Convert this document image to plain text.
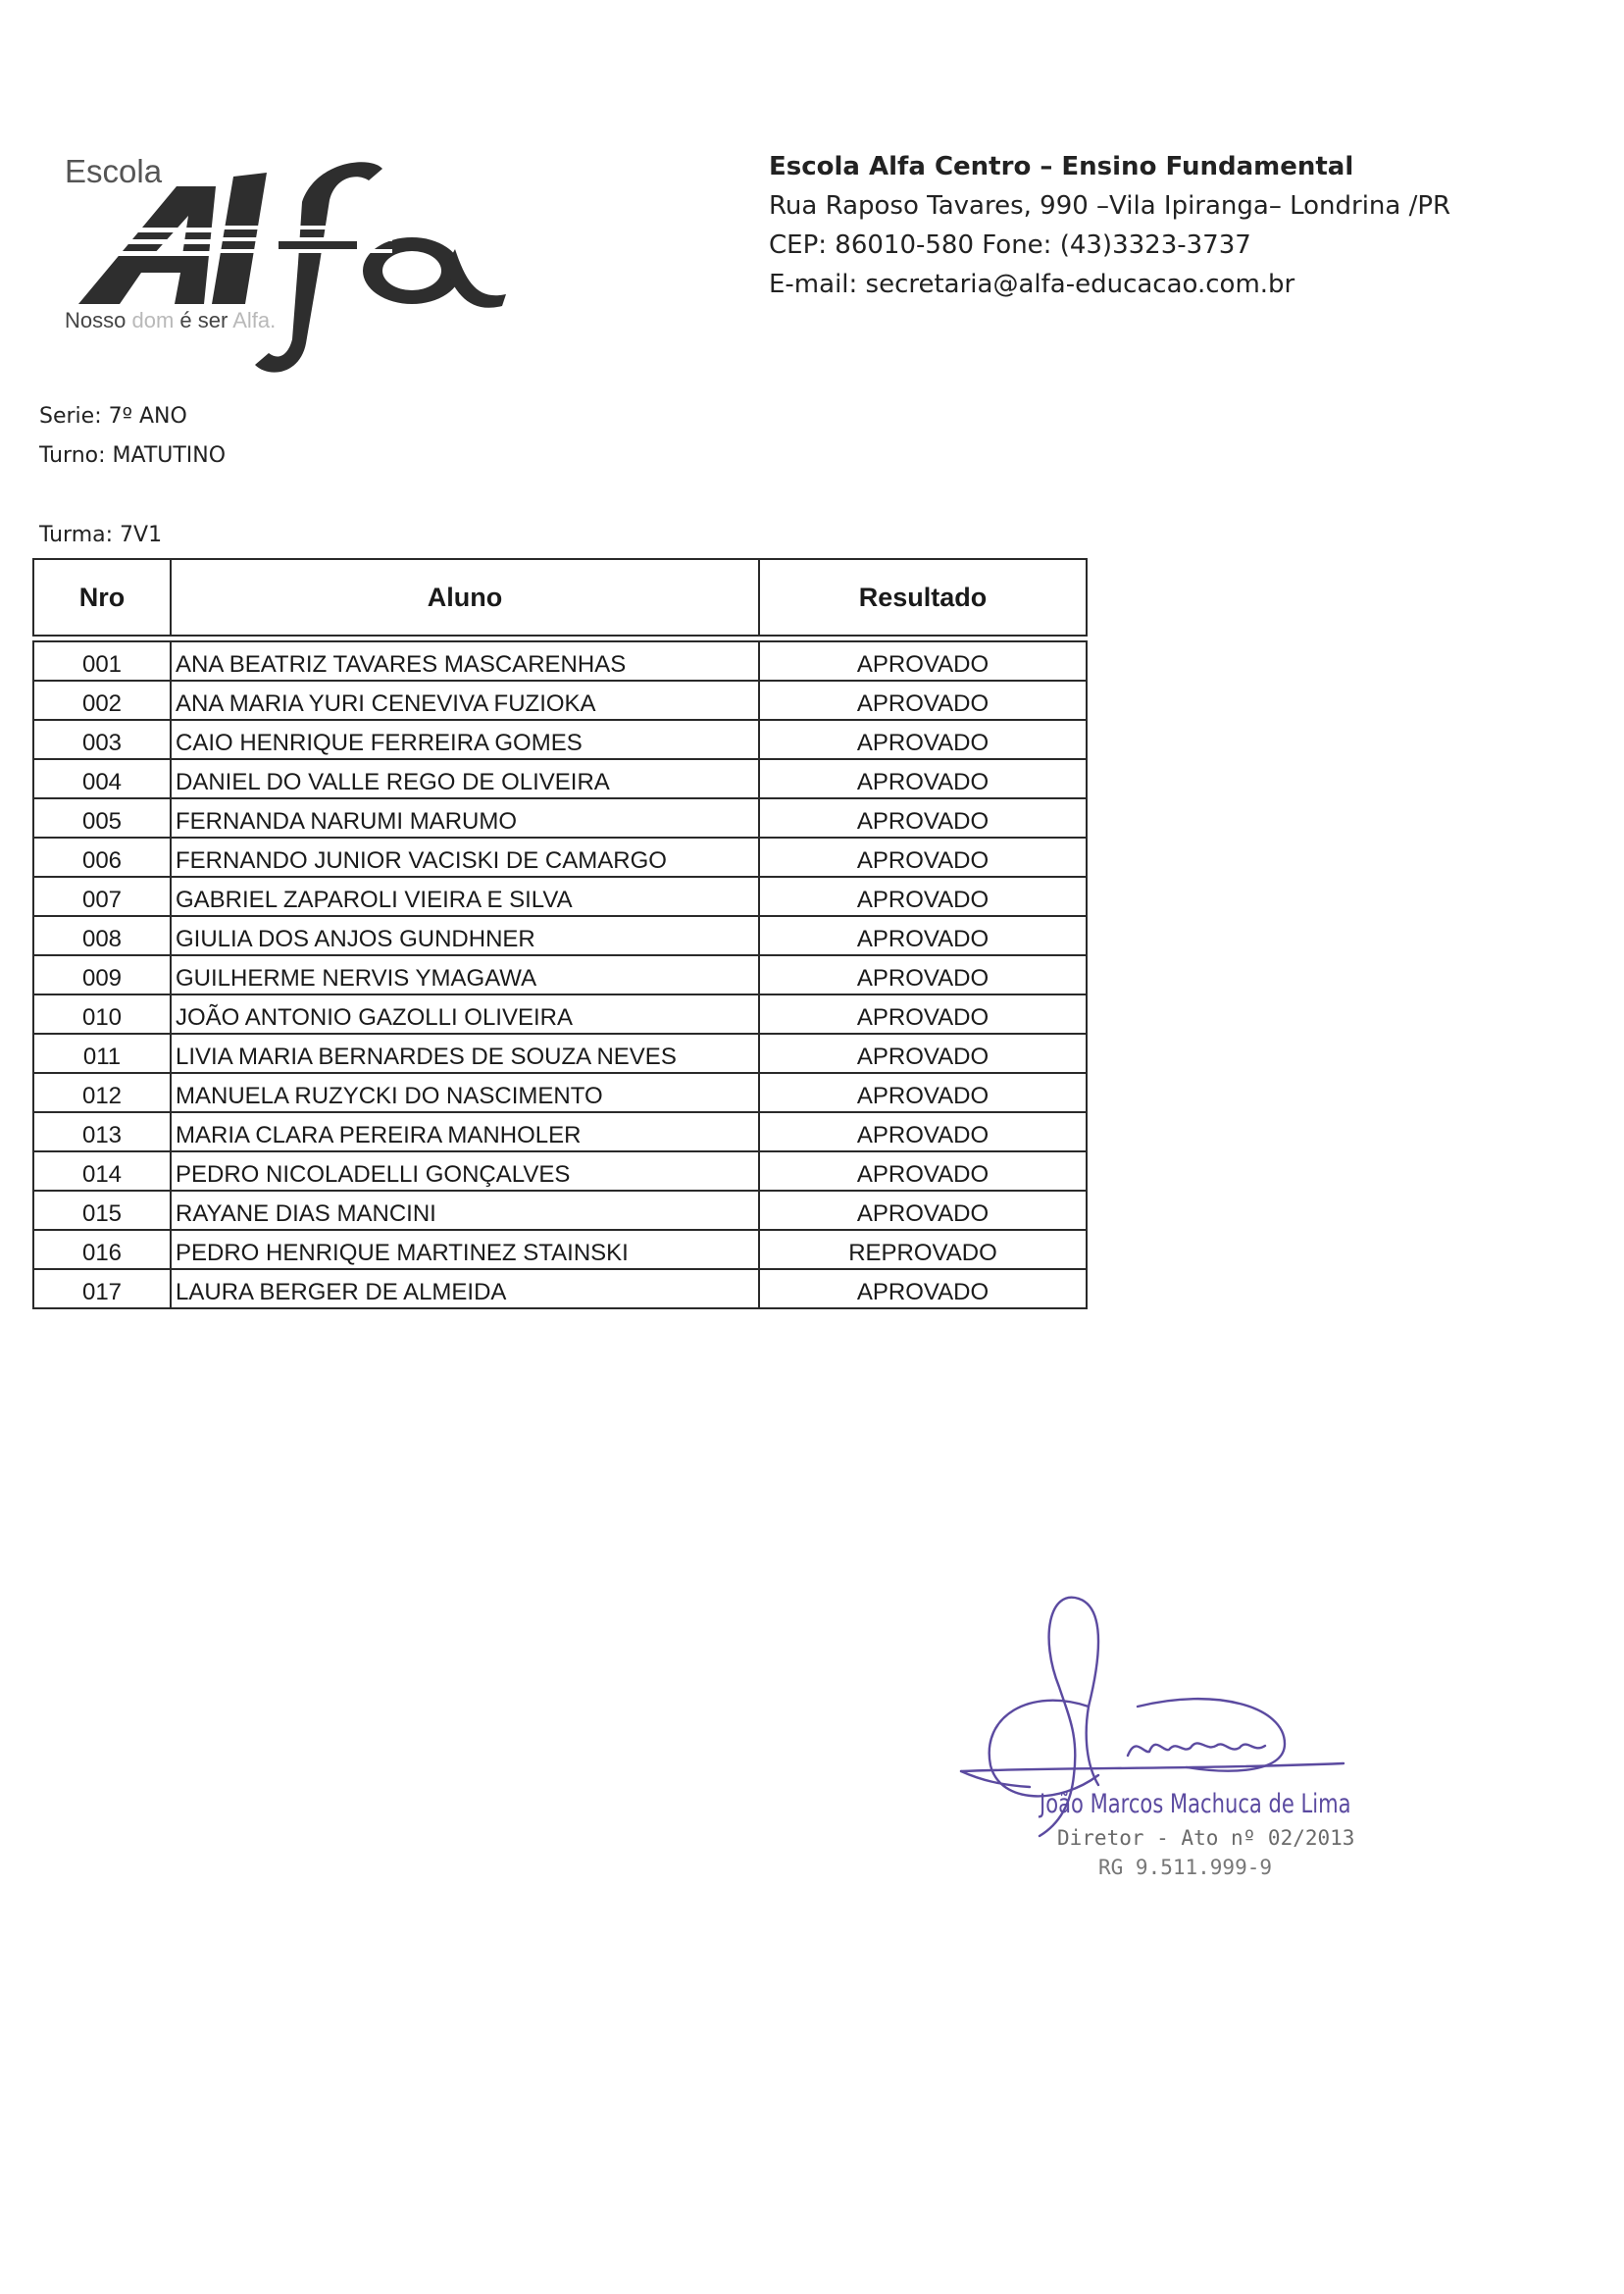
Escola
Nosso dom é ser Alfa.
Escola Alfa Centro – Ensino Fundamental
Rua Raposo Tavares, 990 –Vila Ipiranga– Londrina /PR
CEP: 86010-580 Fone: (43)3323-3737
E-mail: secretaria@alfa-educacao.com.br
Serie: 7º ANO
Turno: MATUTINO
Turma: 7V1
Nro	Aluno	Resultado

001	ANA BEATRIZ TAVARES MASCARENHAS	APROVADO
002	ANA MARIA YURI CENEVIVA FUZIOKA	APROVADO
003	CAIO HENRIQUE FERREIRA GOMES	APROVADO
004	DANIEL DO VALLE REGO DE OLIVEIRA	APROVADO
005	FERNANDA NARUMI MARUMO	APROVADO
006	FERNANDO JUNIOR VACISKI DE CAMARGO	APROVADO
007	GABRIEL ZAPAROLI VIEIRA E SILVA	APROVADO
008	GIULIA DOS ANJOS GUNDHNER	APROVADO
009	GUILHERME NERVIS YMAGAWA	APROVADO
010	JOÃO ANTONIO GAZOLLI OLIVEIRA	APROVADO
011	LIVIA MARIA BERNARDES DE SOUZA NEVES	APROVADO
012	MANUELA RUZYCKI DO NASCIMENTO	APROVADO
013	MARIA CLARA PEREIRA MANHOLER	APROVADO
014	PEDRO NICOLADELLI GONÇALVES	APROVADO
015	RAYANE DIAS MANCINI	APROVADO
016	PEDRO HENRIQUE MARTINEZ STAINSKI	REPROVADO
017	LAURA BERGER DE ALMEIDA	APROVADO
João Marcos Machuca de Lima
Diretor - Ato nº 02/2013
RG 9.511.999-9
